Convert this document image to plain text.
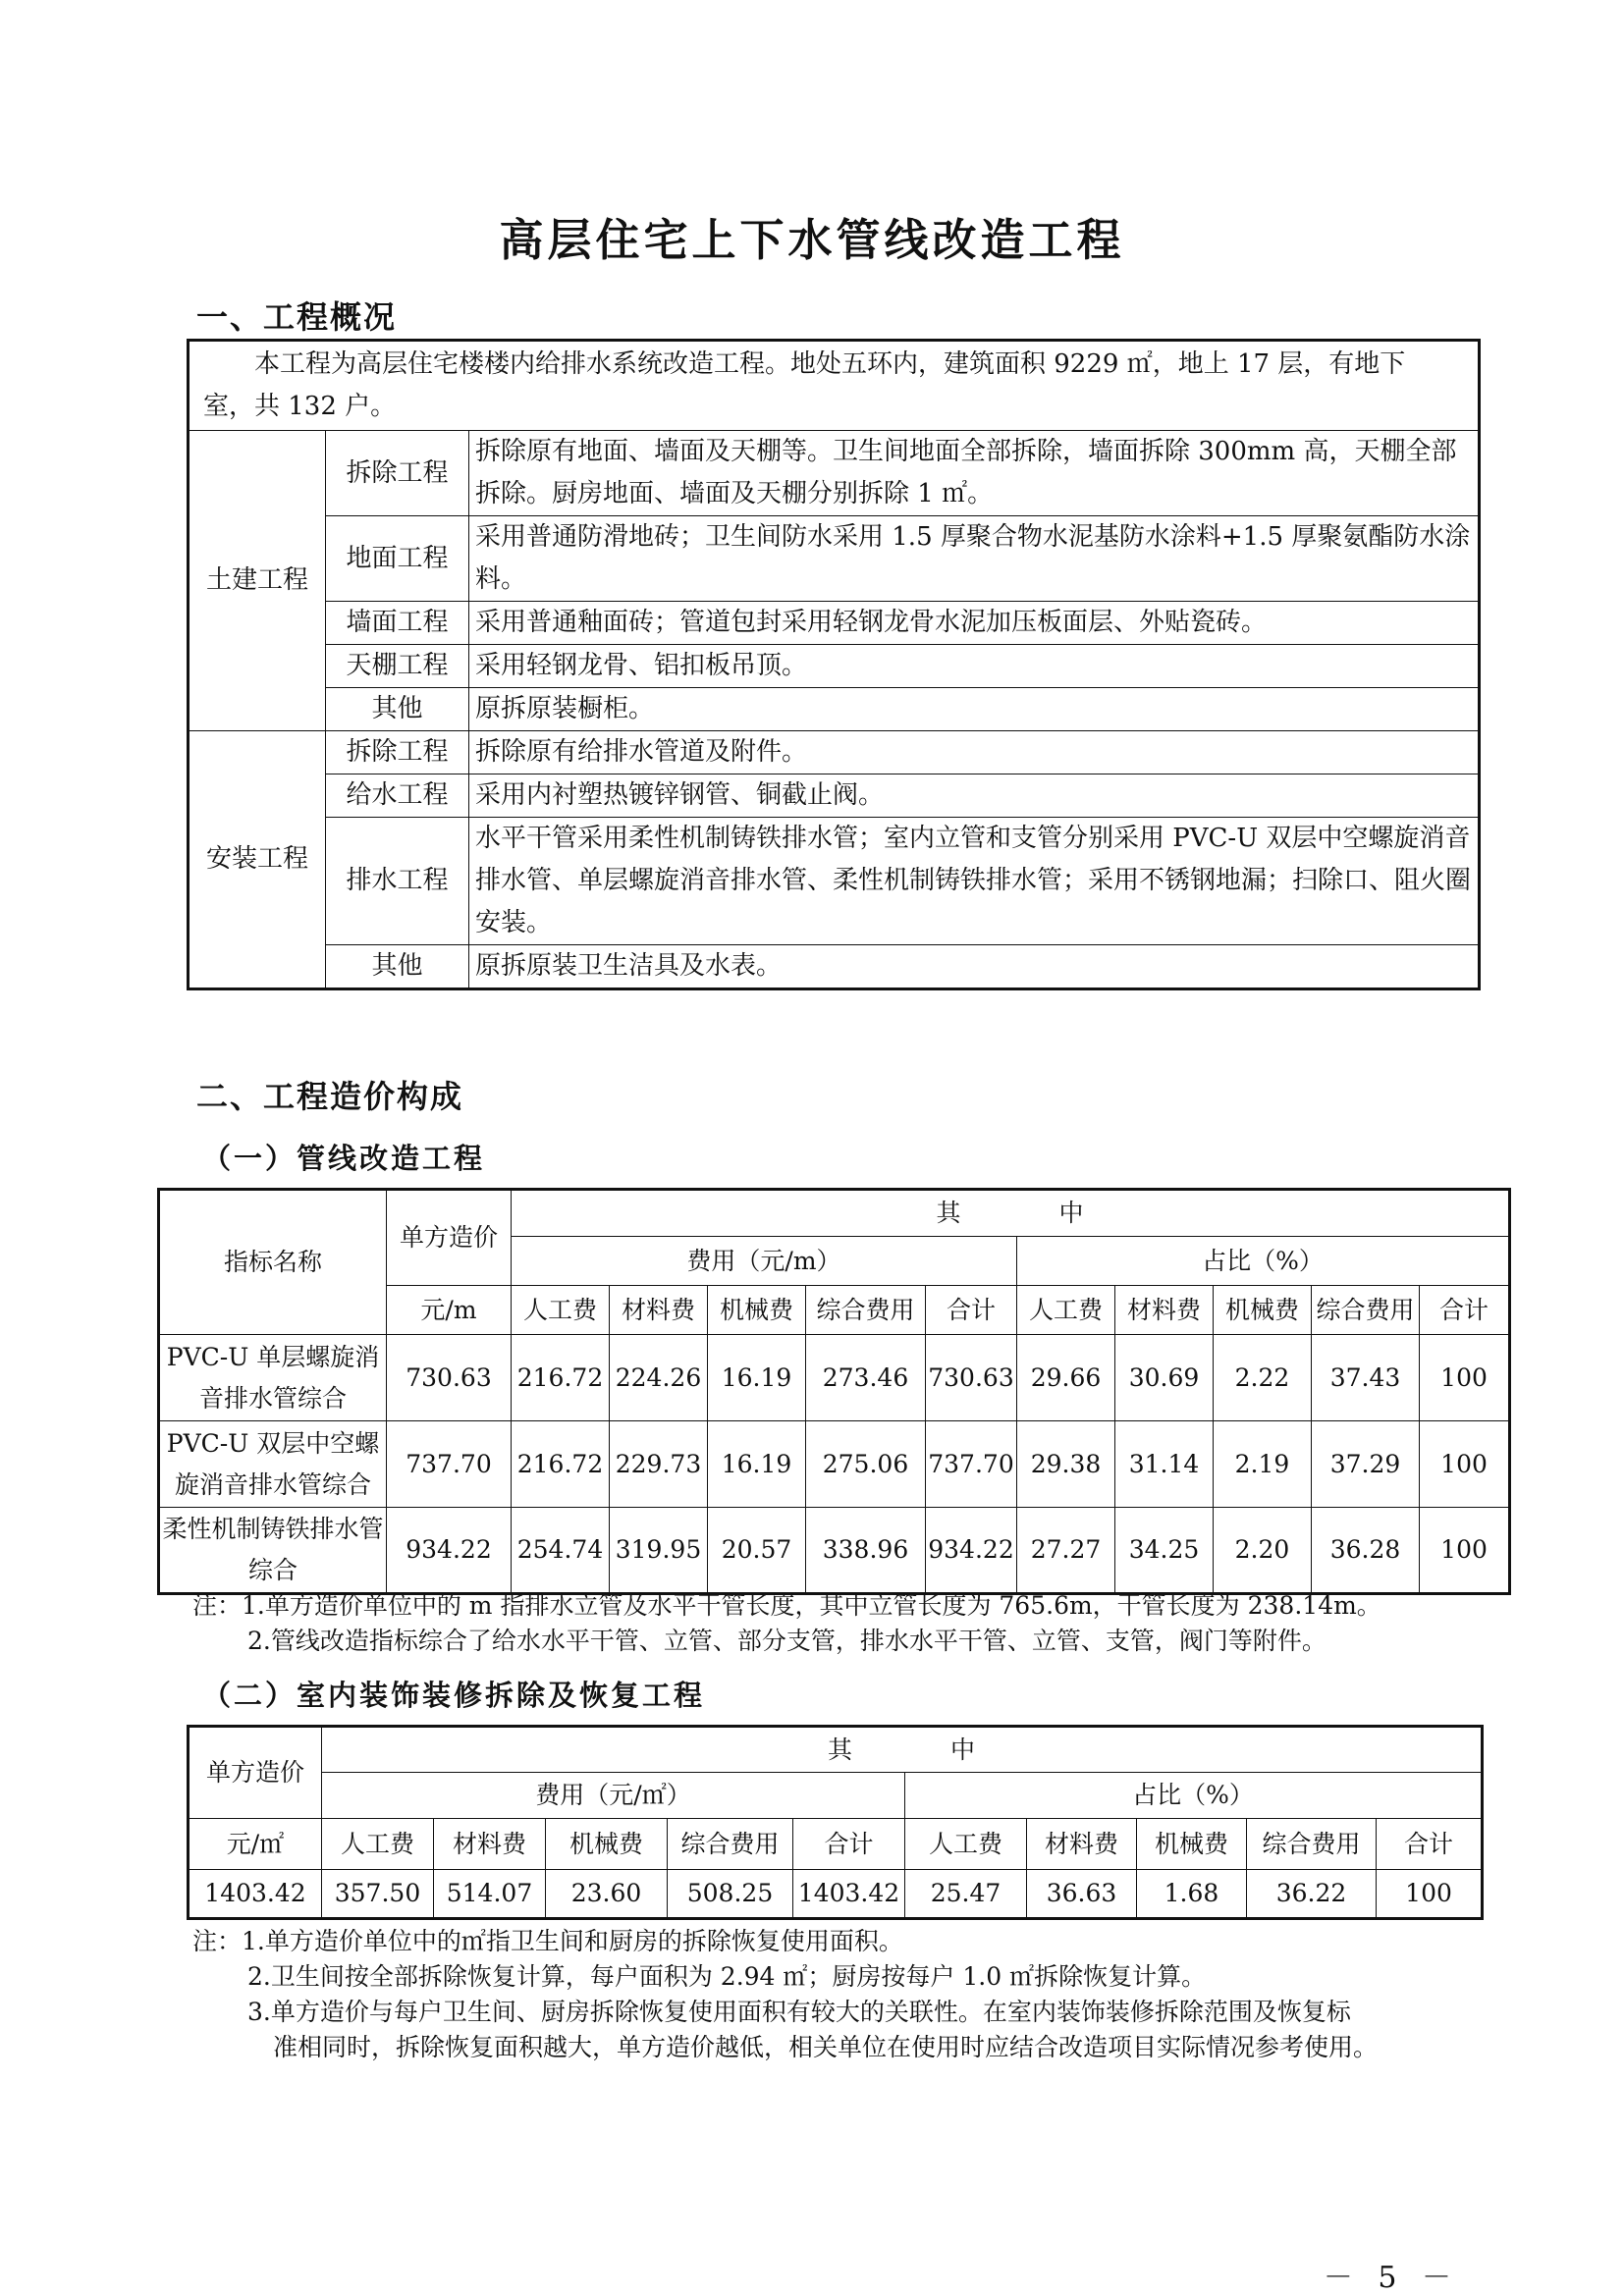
高层住宅上下水管线改造工程
一、工程概况
本工程为高层住宅楼楼内给排水系统改造工程。地处五环内，建筑面积 9229 ㎡，地上 17 层，有地下
室，共 132 户。		

土建工程	拆除工程	拆除原有地面、墙面及天棚等。卫生间地面全部拆除，墙面拆除 300mm 高，天棚全部拆除。厨房地面、墙面及天棚分别拆除 1 ㎡。
	地面工程	采用普通防滑地砖；卫生间防水采用 1.5 厚聚合物水泥基防水涂料+1.5 厚聚氨酯防水涂料。
	墙面工程	采用普通釉面砖；管道包封采用轻钢龙骨水泥加压板面层、外贴瓷砖。
	天棚工程	采用轻钢龙骨、铝扣板吊顶。
	其他	原拆原装橱柜。
安装工程	拆除工程	拆除原有给排水管道及附件。
	给水工程	采用内衬塑热镀锌钢管、铜截止阀。
	排水工程	水平干管采用柔性机制铸铁排水管；室内立管和支管分别采用 PVC-U 双层中空螺旋消音排水管、单层螺旋消音排水管、柔性机制铸铁排水管；采用不锈钢地漏；扫除口、阻火圈安装。
	其他	原拆原装卫生洁具及水表。
二、工程造价构成
（一）管线改造工程
指标名称	单方造价	其　　　　中									
		费用（元/m）					占比（%）				
	元/m	人工费	材料费	机械费	综合费用	合计	人工费	材料费	机械费	综合费用	合计
PVC-U 单层螺旋消音排水管综合	730.63	216.72	224.26	16.19	273.46	730.63	29.66	30.69	2.22	37.43	100
PVC-U 双层中空螺旋消音排水管综合	737.70	216.72	229.73	16.19	275.06	737.70	29.38	31.14	2.19	37.29	100
柔性机制铸铁排水管综合	934.22	254.74	319.95	20.57	338.96	934.22	27.27	34.25	2.20	36.28	100

注：1.单方造价单位中的 m 指排水立管及水平干管长度，其中立管长度为 765.6m，干管长度为 238.14m。

2.管线改造指标综合了给水水平干管、立管、部分支管，排水水平干管、立管、支管，阀门等附件。

（二）室内装饰装修拆除及恢复工程
单方造价	其　　　　中									
	费用（元/㎡）					占比（%）				
元/㎡	人工费	材料费	机械费	综合费用	合计	人工费	材料费	机械费	综合费用	合计
1403.42	357.50	514.07	23.60	508.25	1403.42	25.47	36.63	1.68	36.22	100

注：1.单方造价单位中的㎡指卫生间和厨房的拆除恢复使用面积。

2.卫生间按全部拆除恢复计算，每户面积为 2.94 ㎡；厨房按每户 1.0 ㎡拆除恢复计算。

3.单方造价与每户卫生间、厨房拆除恢复使用面积有较大的关联性。在室内装饰装修拆除范围及恢复标

准相同时，拆除恢复面积越大，单方造价越低，相关单位在使用时应结合改造项目实际情况参考使用。

－ 5 －
